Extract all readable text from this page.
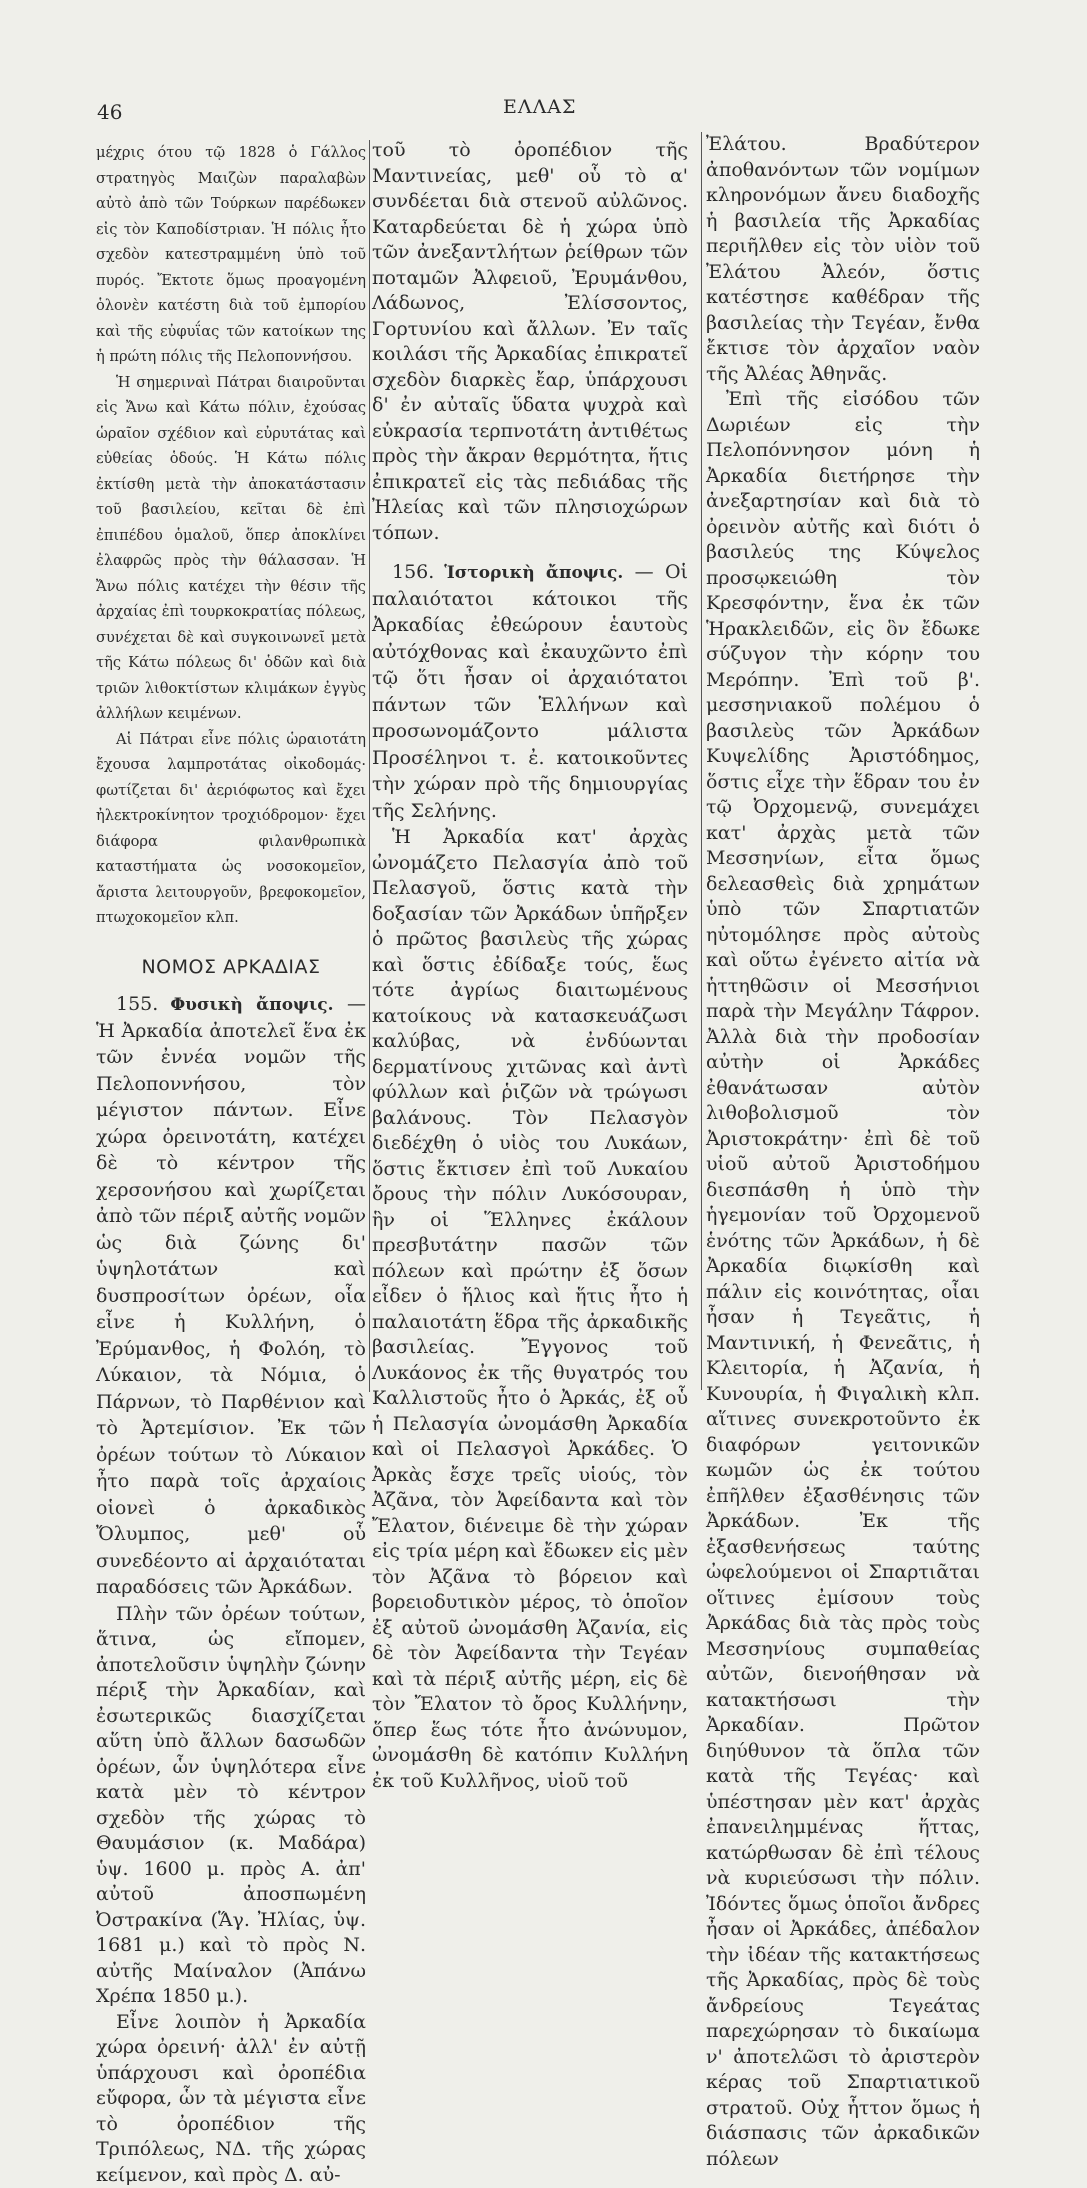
46	ΕΛΛΑΣ

μέχρις ότου τῷ 1828 ὁ Γάλλος στρατηγὸς Μαιζὼν παραλαβὼν αὐτὸ ἀπὸ τῶν Τούρκων παρέδωκεν εἰς τὸν Καποδίστριαν. Ἡ πόλις ἦτο σχεδὸν κατεστραμμένη ὑπὸ τοῦ πυρός. Ἔκτοτε ὅμως προαγομένη ὁλονὲν κατέστη διὰ τοῦ ἐμπορίου καὶ τῆς εὐφυΐας τῶν κατοίκων της ἡ πρώτη πόλις τῆς Πελοποννήσου.

Ἡ σημεριναὶ Πάτραι διαιροῦνται εἰς Ἄνω καὶ Κάτω πόλιν, ἐχούσας ὡραῖον σχέδιον καὶ εὐρυτάτας καὶ εὐθείας ὁδούς. Ἡ Κάτω πόλις ἐκτίσθη μετὰ τὴν ἀποκατάστασιν τοῦ βασιλείου, κεῖται δὲ ἐπὶ ἐπιπέδου ὁμαλοῦ, ὅπερ ἀποκλίνει ἐλαφρῶς πρὸς τὴν θάλασσαν. Ἡ Ἄνω πόλις κατέχει τὴν θέσιν τῆς ἀρχαίας ἐπὶ τουρκοκρατίας πόλεως, συνέχεται δὲ καὶ συγκοινωνεῖ μετὰ τῆς Κάτω πόλεως δι' ὁδῶν καὶ διὰ τριῶν λιθοκτίστων κλιμάκων ἐγγὺς ἀλλήλων κειμένων.

Αἱ Πάτραι εἶνε πόλις ὡραιοτάτη ἔχουσα λαμπροτάτας οἰκοδομάς· φωτίζεται δι' ἀεριόφωτος καὶ ἔχει ἠλεκτροκίνητον τροχιόδρομον· ἔχει διάφορα φιλανθρωπικὰ καταστήματα ὡς νοσοκομεῖον, ἄριστα λειτουργοῦν, βρεφοκομεῖον, πτωχοκομεῖον κλπ.

ΝΟΜΟΣ ΑΡΚΑΔΙΑΣ

155. Φυσικὴ ἄποψις. — Ἡ Ἀρκαδία ἀποτελεῖ ἕνα ἐκ τῶν ἐννέα νομῶν τῆς Πελοποννήσου, τὸν μέγιστον πάντων. Εἶνε χώρα ὀρεινοτάτη, κατέχει δὲ τὸ κέντρον τῆς χερσονήσου καὶ χωρίζεται ἀπὸ τῶν πέριξ αὐτῆς νομῶν ὡς διὰ ζώνης δι' ὑψηλοτάτων καὶ δυσπροσίτων ὀρέων, οἷα εἶνε ἡ Κυλλήνη, ὁ Ἐρύμανθος, ἡ Φολόη, τὸ Λύκαιον, τὰ Νόμια, ὁ Πάρνων, τὸ Παρθένιον καὶ τὸ Ἀρτεμίσιον. Ἐκ τῶν ὀρέων τούτων τὸ Λύκαιον ἦτο παρὰ τοῖς ἀρχαίοις οἱονεὶ ὁ ἀρκαδικὸς Ὄλυμπος, μεθ' οὗ συνεδέοντο αἱ ἀρχαιόταται παραδόσεις τῶν Ἀρκάδων.

Πλὴν τῶν ὀρέων τούτων, ἅτινα, ὡς εἴπομεν, ἀποτελοῦσιν ὑψηλὴν ζώνην πέριξ τὴν Ἀρκαδίαν, καὶ ἐσωτερικῶς διασχίζεται αὕτη ὑπὸ ἄλλων δασωδῶν ὀρέων, ὧν ὑψηλότερα εἶνε κατὰ μὲν τὸ κέντρον σχεδὸν τῆς χώρας τὸ Θαυμάσιον (κ. Μαδάρα) ὑψ. 1600 μ. πρὸς Α. ἀπ' αὐτοῦ ἀποσπωμένη Ὀστρακίνα (Ἅγ. Ἠλίας, ὑψ. 1681 μ.) καὶ τὸ πρὸς Ν. αὐτῆς Μαίναλον (Ἀπάνω Χρέπα 1850 μ.).

Εἶνε λοιπὸν ἡ Ἀρκαδία χώρα ὀρεινή· ἀλλ' ἐν αὐτῇ ὑπάρχουσι καὶ ὀροπέδια εὔφορα, ὧν τὰ μέγιστα εἶνε τὸ ὀροπέδιον τῆς Τριπόλεως, ΝΔ. τῆς χώρας κείμενον, καὶ πρὸς Δ. αὐ-

τοῦ τὸ ὀροπέδιον τῆς Μαντινείας, μεθ' οὗ τὸ α' συνδέεται διὰ στενοῦ αὐλῶνος. Καταρδεύεται δὲ ἡ χώρα ὑπὸ τῶν ἀνεξαντλήτων ῥείθρων τῶν ποταμῶν Ἀλφειοῦ, Ἐρυμάνθου, Λάδωνος, Ἐλίσσοντος, Γορτυνίου καὶ ἄλλων. Ἐν ταῖς κοιλάσι τῆς Ἀρκαδίας ἐπικρατεῖ σχεδὸν διαρκὲς ἔαρ, ὑπάρχουσι δ' ἐν αὐταῖς ὕδατα ψυχρὰ καὶ εὐκρασία τερπνοτάτη ἀντιθέτως πρὸς τὴν ἄκραν θερμότητα, ἥτις ἐπικρατεῖ εἰς τὰς πεδιάδας τῆς Ἠλείας καὶ τῶν πλησιοχώρων τόπων.

156. Ἱστορικὴ ἄποψις. — Οἱ παλαιότατοι κάτοικοι τῆς Ἀρκαδίας ἐθεώρουν ἑαυτοὺς αὐτόχθονας καὶ ἐκαυχῶντο ἐπὶ τῷ ὅτι ἦσαν οἱ ἀρχαιότατοι πάντων τῶν Ἑλλήνων καὶ προσωνομάζοντο μάλιστα Προσέληνοι τ. ἐ. κατοικοῦντες τὴν χώραν πρὸ τῆς δημιουργίας τῆς Σελήνης.

Ἡ Ἀρκαδία κατ' ἀρχὰς ὠνομάζετο Πελασγία ἀπὸ τοῦ Πελασγοῦ, ὅστις κατὰ τὴν δοξασίαν τῶν Ἀρκάδων ὑπῆρξεν ὁ πρῶτος βασιλεὺς τῆς χώρας καὶ ὅστις ἐδίδαξε τούς, ἕως τότε ἀγρίως διαιτωμένους κατοίκους νὰ κατασκευάζωσι καλύβας, νὰ ἐνδύωνται δερματίνους χιτῶνας καὶ ἀντὶ φύλλων καὶ ῥιζῶν νὰ τρώγωσι βαλάνους. Τὸν Πελασγὸν διεδέχθη ὁ υἱὸς του Λυκάων, ὅστις ἔκτισεν ἐπὶ τοῦ Λυκαίου ὄρους τὴν πόλιν Λυκόσουραν, ἣν οἱ Ἕλληνες ἐκάλουν πρεσβυτάτην πασῶν τῶν πόλεων καὶ πρώτην ἐξ ὅσων εἶδεν ὁ ἥλιος καὶ ἥτις ἦτο ἡ παλαιοτάτη ἕδρα τῆς ἀρκαδικῆς βασιλείας. Ἔγγονος τοῦ Λυκάονος ἐκ τῆς θυγατρός του Καλλιστοῦς ἦτο ὁ Ἀρκάς, ἐξ οὗ ἡ Πελασγία ὠνομάσθη Ἀρκαδία καὶ οἱ Πελασγοὶ Ἀρκάδες. Ὁ Ἀρκὰς ἔσχε τρεῖς υἱούς, τὸν Ἀζᾶνα, τὸν Ἀφείδαντα καὶ τὸν Ἔλατον, διένειμε δὲ τὴν χώραν εἰς τρία μέρη καὶ ἔδωκεν εἰς μὲν τὸν Ἀζᾶνα τὸ βόρειον καὶ βορειοδυτικὸν μέρος, τὸ ὁποῖον ἐξ αὐτοῦ ὠνομάσθη Ἀζανία, εἰς δὲ τὸν Ἀφείδαντα τὴν Τεγέαν καὶ τὰ πέριξ αὐτῆς μέρη, εἰς δὲ τὸν Ἔλατον τὸ ὄρος Κυλλήνην, ὅπερ ἕως τότε ἦτο ἀνώνυμον, ὠνομάσθη δὲ κατόπιν Κυλλήνη ἐκ τοῦ Κυλλῆνος, υἱοῦ τοῦ

Ἐλάτου. Βραδύτερον ἀποθανόντων τῶν νομίμων κληρονόμων ἄνευ διαδοχῆς ἡ βασιλεία τῆς Ἀρκαδίας περιῆλθεν εἰς τὸν υἱὸν τοῦ Ἐλάτου Ἀλεόν, ὅστις κατέστησε καθέδραν τῆς βασιλείας τὴν Τεγέαν, ἔνθα ἔκτισε τὸν ἀρχαῖον ναὸν τῆς Ἀλέας Ἀθηνᾶς.

Ἐπὶ τῆς εἰσόδου τῶν Δωριέων εἰς τὴν Πελοπόννησον μόνη ἡ Ἀρκαδία διετήρησε τὴν ἀνεξαρτησίαν καὶ διὰ τὸ ὀρεινὸν αὐτῆς καὶ διότι ὁ βασιλεύς της Κύψελος προσῳκειώθη τὸν Κρεσφόντην, ἕνα ἐκ τῶν Ἡρακλειδῶν, εἰς ὃν ἔδωκε σύζυγον τὴν κόρην του Μερόπην. Ἐπὶ τοῦ β'. μεσσηνιακοῦ πολέμου ὁ βασιλεὺς τῶν Ἀρκάδων Κυψελίδης Ἀριστόδημος, ὅστις εἶχε τὴν ἕδραν του ἐν τῷ Ὀρχομενῷ, συνεμάχει κατ' ἀρχὰς μετὰ τῶν Μεσσηνίων, εἶτα ὅμως δελεασθεὶς διὰ χρημάτων ὑπὸ τῶν Σπαρτιατῶν ηὐτομόλησε πρὸς αὐτοὺς καὶ οὕτω ἐγένετο αἰτία νὰ ἡττηθῶσιν οἱ Μεσσήνιοι παρὰ τὴν Μεγάλην Τάφρον. Ἀλλὰ διὰ τὴν προδοσίαν αὐτὴν οἱ Ἀρκάδες ἐθανάτωσαν αὐτὸν λιθοβολισμοῦ τὸν Ἀριστοκράτην· ἐπὶ δὲ τοῦ υἱοῦ αὐτοῦ Ἀριστοδήμου διεσπάσθη ἡ ὑπὸ τὴν ἡγεμονίαν τοῦ Ὀρχομενοῦ ἑνότης τῶν Ἀρκάδων, ἡ δὲ Ἀρκαδία διῳκίσθη καὶ πάλιν εἰς κοινότητας, οἷαι ἦσαν ἡ Τεγεᾶτις, ἡ Μαντινική, ἡ Φενεᾶτις, ἡ Κλειτορία, ἡ Ἀζανία, ἡ Κυνουρία, ἡ Φιγαλικὴ κλπ. αἵτινες συνεκροτοῦντο ἐκ διαφόρων γειτονικῶν κωμῶν ὡς ἐκ τούτου ἐπῆλθεν ἐξασθένησις τῶν Ἀρκάδων. Ἐκ τῆς ἐξασθενήσεως ταύτης ὠφελούμενοι οἱ Σπαρτιᾶται οἵτινες ἐμίσουν τοὺς Ἀρκάδας διὰ τὰς πρὸς τοὺς Μεσσηνίους συμπαθείας αὐτῶν, διενοήθησαν νὰ κατακτήσωσι τὴν Ἀρκαδίαν. Πρῶτον διηύθυνον τὰ ὅπλα τῶν κατὰ τῆς Τεγέας· καὶ ὑπέστησαν μὲν κατ' ἀρχὰς ἐπανειλημμένας ἥττας, κατώρθωσαν δὲ ἐπὶ τέλους νὰ κυριεύσωσι τὴν πόλιν. Ἰδόντες ὅμως ὁποῖοι ἄνδρες ἦσαν οἱ Ἀρκάδες, ἀπέδαλον τὴν ἰδέαν τῆς κατακτήσεως τῆς Ἀρκαδίας, πρὸς δὲ τοὺς ἄνδρείους Τεγεάτας παρεχώρησαν τὸ δικαίωμα ν' ἀποτελῶσι τὸ ἀριστερὸν κέρας τοῦ Σπαρτιατικοῦ στρατοῦ. Οὐχ ἧττον ὅμως ἡ διάσπασις τῶν ἀρκαδικῶν πόλεων
